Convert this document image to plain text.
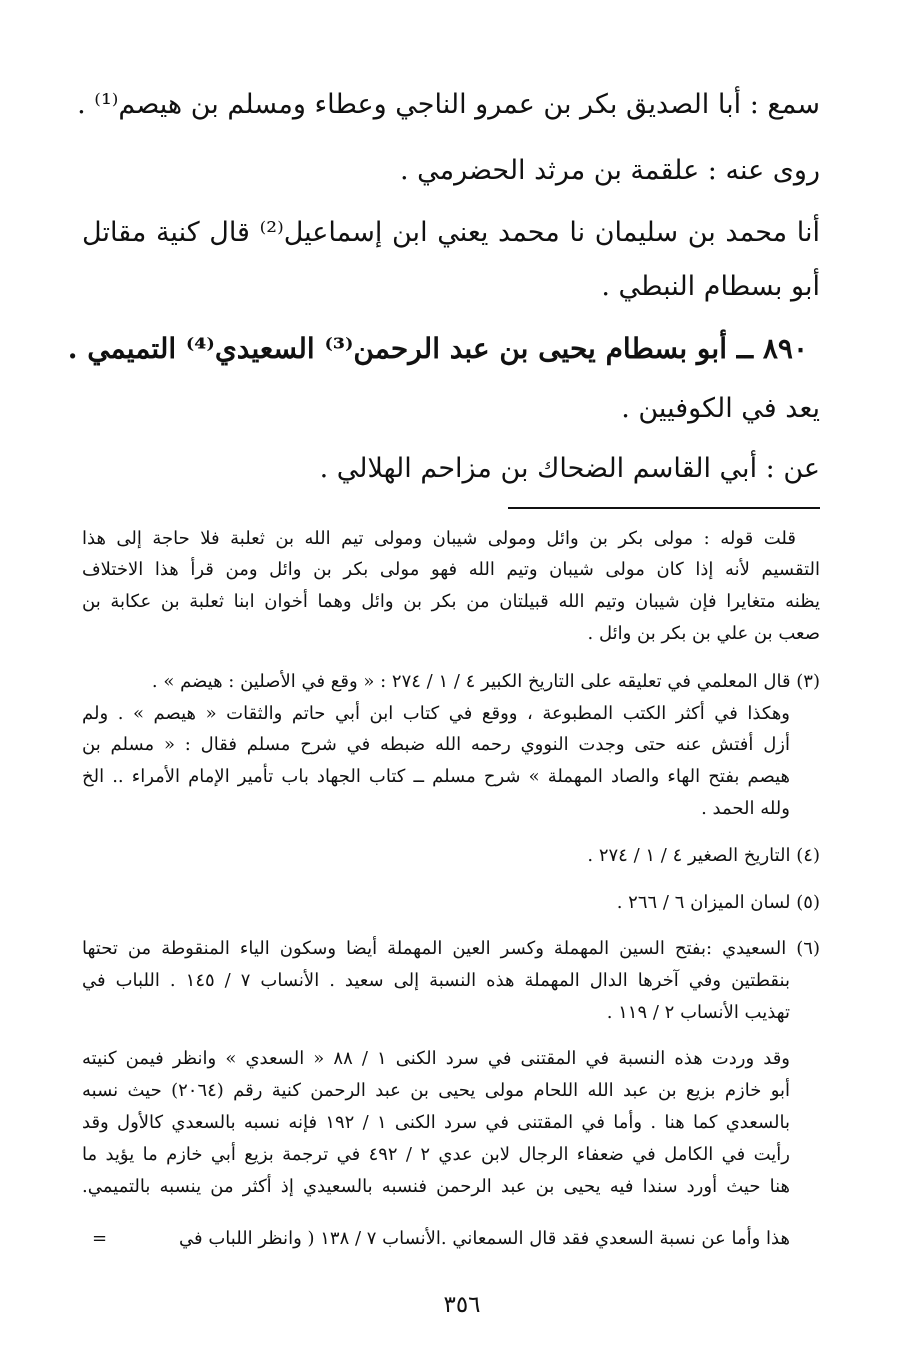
سمع : أبا الصديق بكر بن عمرو الناجي وعطاء ومسلم بن هيصم⁽¹⁾ .
روى عنه : علقمة بن مرثد الحضرمي .
أنا محمد بن سليمان نا محمد يعني ابن إسماعيل⁽²⁾ قال كنية مقاتل
أبو بسطام النبطي .
٨٩٠ ــ أبو بسطام يحيى بن عبد الرحمن⁽³⁾ السعيدي⁽⁴⁾ التميمي .
يعد في الكوفيين .
عن : أبي القاسم الضحاك بن مزاحم الهلالي .
قلت قوله : مولى بكر بن وائل ومولى شيبان ومولى تيم الله بن ثعلبة فلا حاجة إلى هذا
التقسيم لأنه إذا كان مولى شيبان وتيم الله فهو مولى بكر بن وائل ومن قرأ هذا الاختلاف
يظنه متغايرا فإن شيبان وتيم الله قبيلتان من بكر بن وائل وهما أخوان ابنا ثعلبة بن عكابة بن
صعب بن علي بن بكر بن وائل .
(٣) قال المعلمي في تعليقه على التاريخ الكبير ٤ / ١ / ٢٧٤ : « وقع في الأصلين : هيضم » .
وهكذا في أكثر الكتب المطبوعة ، ووقع في كتاب ابن أبي حاتم والثقات « هيصم » . ولم
أزل أفتش عنه حتى وجدت النووي رحمه الله ضبطه في شرح مسلم فقال : « مسلم بن
هيصم بفتح الهاء والصاد المهملة » شرح مسلم ــ كتاب الجهاد باب تأمير الإمام الأمراء .. الخ
ولله الحمد .
(٤) التاريخ الصغير ٤ / ١ / ٢٧٤ .
(٥) لسان الميزان ٦ / ٢٦٦ .
(٦) السعيدي :بفتح السين المهملة وكسر العين المهملة أيضا وسكون الياء المنقوطة من تحتها
بنقطتين وفي آخرها الدال المهملة هذه النسبة إلى سعيد . الأنساب ٧ / ١٤٥ . اللباب في
تهذيب الأنساب ٢ / ١١٩ .
وقد وردت هذه النسبة في المقتنى في سرد الكنى ١ / ٨٨ « السعدي » وانظر فيمن كنيته
أبو خازم بزيع بن عبد الله اللحام مولى يحيى بن عبد الرحمن كنية رقم (٢٠٦٤) حيث نسبه
بالسعدي كما هنا . وأما في المقتنى في سرد الكنى ١ / ١٩٢ فإنه نسبه بالسعدي كالأول وقد
رأيت في الكامل في ضعفاء الرجال لابن عدي ٢ / ٤٩٢ في ترجمة بزيع أبي خازم ما يؤيد ما
هنا حيث أورد سندا فيه يحيى بن عبد الرحمن فنسبه بالسعيدي إذ أكثر من ينسبه بالتميمي.
هذا وأما عن نسبة السعدي فقد قال السمعاني .الأنساب ٧ / ١٣٨ ( وانظر اللباب في
=
٣٥٦
